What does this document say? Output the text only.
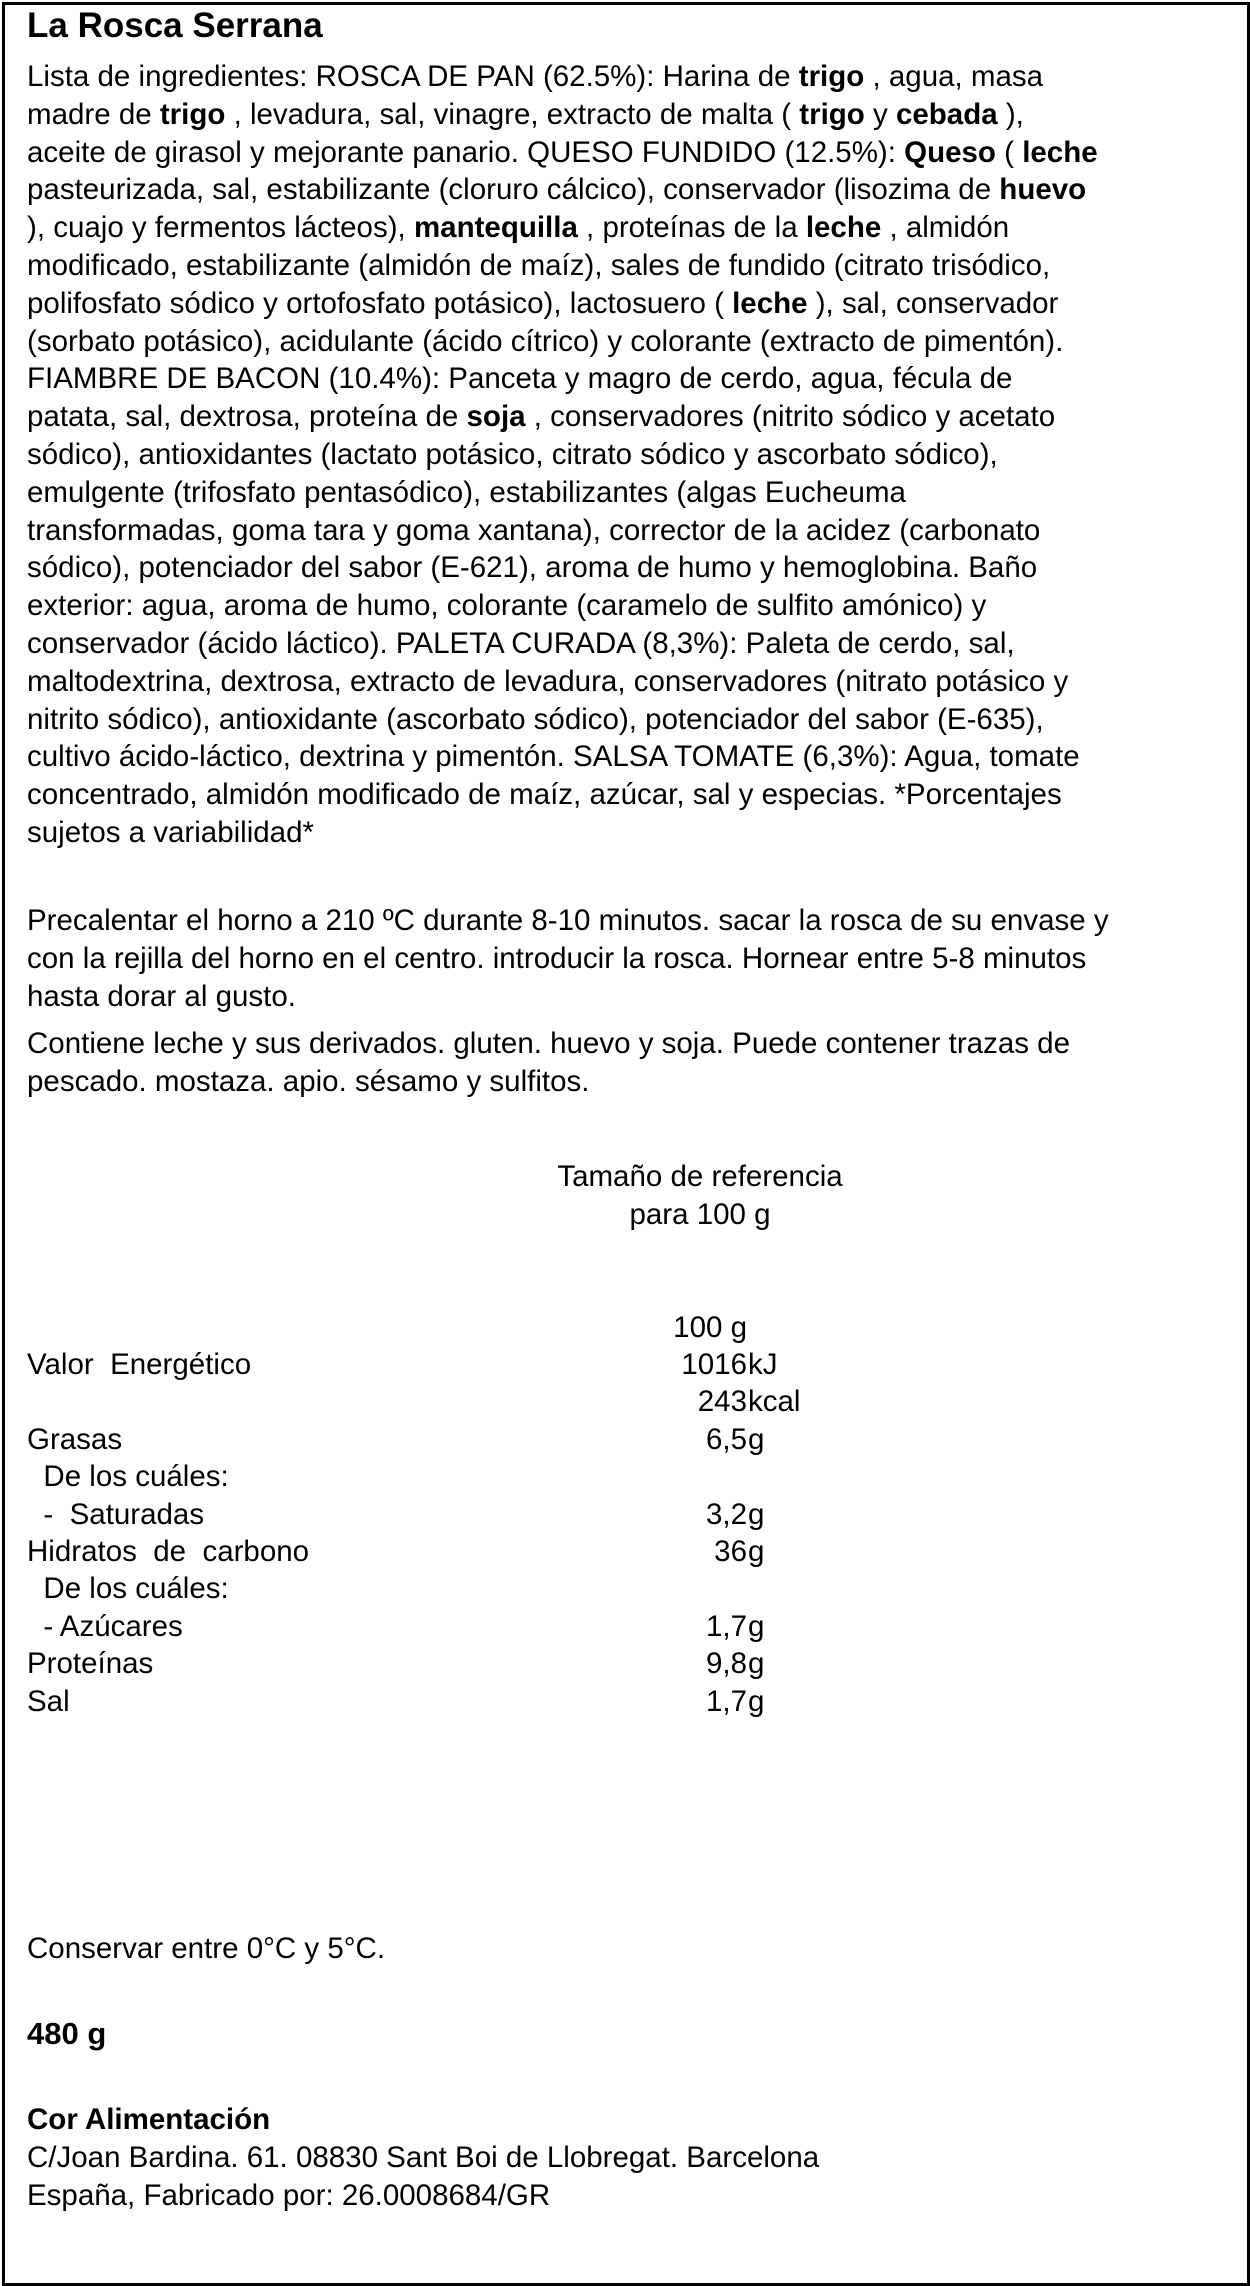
La Rosca Serrana
Lista de ingredientes: ROSCA DE PAN (62.5%): Harina de trigo , agua, masa
madre de trigo , levadura, sal, vinagre, extracto de malta ( trigo y cebada ),
aceite de girasol y mejorante panario. QUESO FUNDIDO (12.5%): Queso ( leche
pasteurizada, sal, estabilizante (cloruro cálcico), conservador (lisozima de huevo
), cuajo y fermentos lácteos), mantequilla , proteínas de la leche , almidón
modificado, estabilizante (almidón de maíz), sales de fundido (citrato trisódico,
polifosfato sódico y ortofosfato potásico), lactosuero ( leche ), sal, conservador
(sorbato potásico), acidulante (ácido cítrico) y colorante (extracto de pimentón).
FIAMBRE DE BACON (10.4%): Panceta y magro de cerdo, agua, fécula de
patata, sal, dextrosa, proteína de soja , conservadores (nitrito sódico y acetato
sódico), antioxidantes (lactato potásico, citrato sódico y ascorbato sódico),
emulgente (trifosfato pentasódico), estabilizantes (algas Eucheuma
transformadas, goma tara y goma xantana), corrector de la acidez (carbonato
sódico), potenciador del sabor (E-621), aroma de humo y hemoglobina. Baño
exterior: agua, aroma de humo, colorante (caramelo de sulfito amónico) y
conservador (ácido láctico). PALETA CURADA (8,3%): Paleta de cerdo, sal,
maltodextrina, dextrosa, extracto de levadura, conservadores (nitrato potásico y
nitrito sódico), antioxidante (ascorbato sódico), potenciador del sabor (E-635),
cultivo ácido-láctico, dextrina y pimentón. SALSA TOMATE (6,3%): Agua, tomate
concentrado, almidón modificado de maíz, azúcar, sal y especias. *Porcentajes
sujetos a variabilidad*
Precalentar el horno a 210 ºC durante 8-10 minutos. sacar la rosca de su envase y
con la rejilla del horno en el centro. introducir la rosca. Hornear entre 5-8 minutos
hasta dorar al gusto.
Contiene leche y sus derivados. gluten. huevo y soja. Puede contener trazas de
pescado. mostaza. apio. sésamo y sulfitos.
Tamaño de referencia
para 100 g
100 g
Valor  Energético	1016 kJ
243 kcal
Grasas	6,5 g
De los cuáles:
-  Saturadas	3,2 g
Hidratos  de  carbono	36 g
De los cuáles:
- Azúcares	1,7 g
Proteínas	9,8 g
Sal	1,7 g
Conservar entre 0°C y 5°C.
480 g
Cor Alimentación
C/Joan Bardina. 61. 08830 Sant Boi de Llobregat. Barcelona
España, Fabricado por: 26.0008684/GR
